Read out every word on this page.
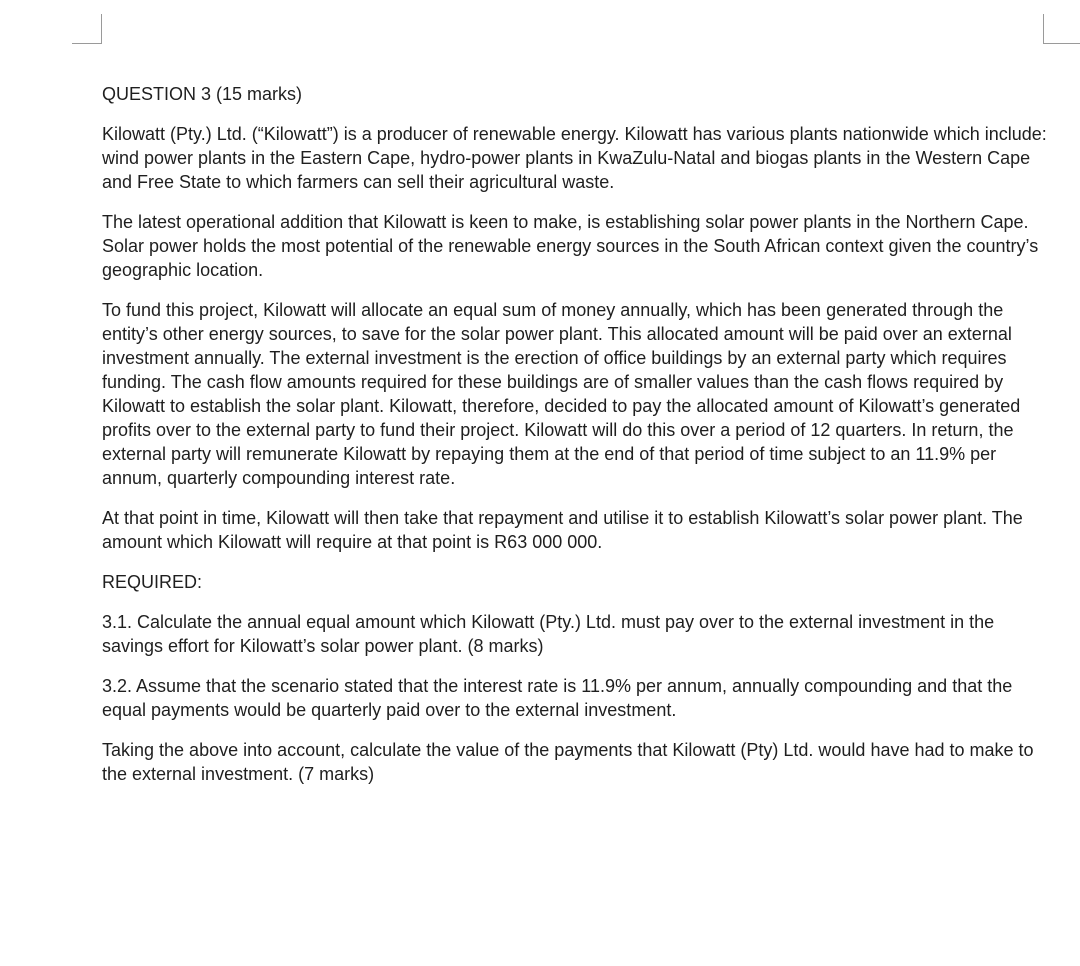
QUESTION 3 (15 marks)

Kilowatt (Pty.) Ltd. (“Kilowatt”) is a producer of renewable energy. Kilowatt has various plants nationwide which include: wind power plants in the Eastern Cape, hydro-power plants in KwaZulu-Natal and biogas plants in the Western Cape and Free State to which farmers can sell their agricultural waste.

The latest operational addition that Kilowatt is keen to make, is establishing solar power plants in the Northern Cape. Solar power holds the most potential of the renewable energy sources in the South African context given the country’s geographic location.

To fund this project, Kilowatt will allocate an equal sum of money annually, which has been generated through the entity’s other energy sources, to save for the solar power plant. This allocated amount will be paid over an external investment annually. The external investment is the erection of office buildings by an external party which requires funding. The cash flow amounts required for these buildings are of smaller values than the cash flows required by Kilowatt to establish the solar plant. Kilowatt, therefore, decided to pay the allocated amount of Kilowatt’s generated profits over to the external party to fund their project. Kilowatt will do this over a period of 12 quarters. In return, the external party will remunerate Kilowatt by repaying them at the end of that period of time subject to an 11.9% per annum, quarterly compounding interest rate.

At that point in time, Kilowatt will then take that repayment and utilise it to establish Kilowatt’s solar power plant. The amount which Kilowatt will require at that point is R63 000 000.

REQUIRED:

3.1. Calculate the annual equal amount which Kilowatt (Pty.) Ltd. must pay over to the external investment in the savings effort for Kilowatt’s solar power plant. (8 marks)

3.2. Assume that the scenario stated that the interest rate is 11.9% per annum, annually compounding and that the equal payments would be quarterly paid over to the external investment.

Taking the above into account, calculate the value of the payments that Kilowatt (Pty) Ltd. would have had to make to the external investment. (7 marks)
